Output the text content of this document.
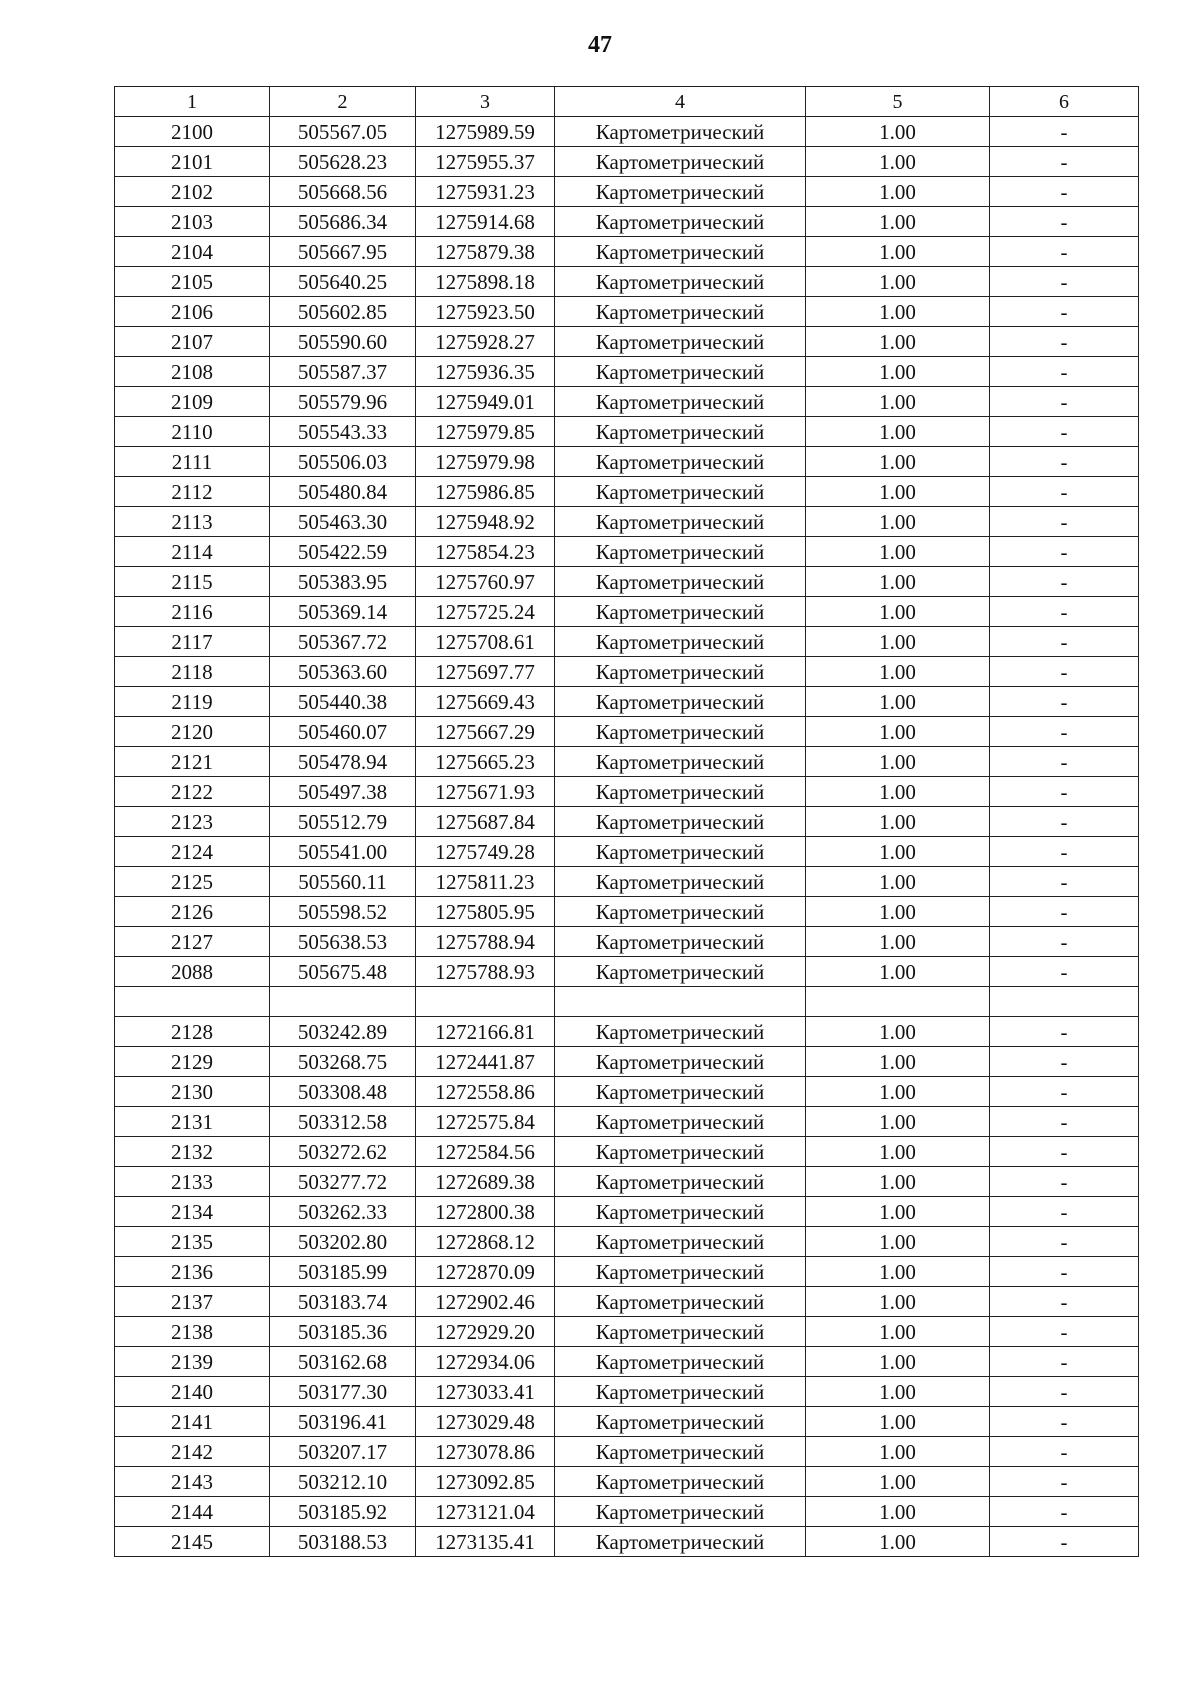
47
1	2	3	4	5	6
2100	505567.05	1275989.59	Картометрический	1.00	-
2101	505628.23	1275955.37	Картометрический	1.00	-
2102	505668.56	1275931.23	Картометрический	1.00	-
2103	505686.34	1275914.68	Картометрический	1.00	-
2104	505667.95	1275879.38	Картометрический	1.00	-
2105	505640.25	1275898.18	Картометрический	1.00	-
2106	505602.85	1275923.50	Картометрический	1.00	-
2107	505590.60	1275928.27	Картометрический	1.00	-
2108	505587.37	1275936.35	Картометрический	1.00	-
2109	505579.96	1275949.01	Картометрический	1.00	-
2110	505543.33	1275979.85	Картометрический	1.00	-
2111	505506.03	1275979.98	Картометрический	1.00	-
2112	505480.84	1275986.85	Картометрический	1.00	-
2113	505463.30	1275948.92	Картометрический	1.00	-
2114	505422.59	1275854.23	Картометрический	1.00	-
2115	505383.95	1275760.97	Картометрический	1.00	-
2116	505369.14	1275725.24	Картометрический	1.00	-
2117	505367.72	1275708.61	Картометрический	1.00	-
2118	505363.60	1275697.77	Картометрический	1.00	-
2119	505440.38	1275669.43	Картометрический	1.00	-
2120	505460.07	1275667.29	Картометрический	1.00	-
2121	505478.94	1275665.23	Картометрический	1.00	-
2122	505497.38	1275671.93	Картометрический	1.00	-
2123	505512.79	1275687.84	Картометрический	1.00	-
2124	505541.00	1275749.28	Картометрический	1.00	-
2125	505560.11	1275811.23	Картометрический	1.00	-
2126	505598.52	1275805.95	Картометрический	1.00	-
2127	505638.53	1275788.94	Картометрический	1.00	-
2088	505675.48	1275788.93	Картометрический	1.00	-

2128	503242.89	1272166.81	Картометрический	1.00	-
2129	503268.75	1272441.87	Картометрический	1.00	-
2130	503308.48	1272558.86	Картометрический	1.00	-
2131	503312.58	1272575.84	Картометрический	1.00	-
2132	503272.62	1272584.56	Картометрический	1.00	-
2133	503277.72	1272689.38	Картометрический	1.00	-
2134	503262.33	1272800.38	Картометрический	1.00	-
2135	503202.80	1272868.12	Картометрический	1.00	-
2136	503185.99	1272870.09	Картометрический	1.00	-
2137	503183.74	1272902.46	Картометрический	1.00	-
2138	503185.36	1272929.20	Картометрический	1.00	-
2139	503162.68	1272934.06	Картометрический	1.00	-
2140	503177.30	1273033.41	Картометрический	1.00	-
2141	503196.41	1273029.48	Картометрический	1.00	-
2142	503207.17	1273078.86	Картометрический	1.00	-
2143	503212.10	1273092.85	Картометрический	1.00	-
2144	503185.92	1273121.04	Картометрический	1.00	-
2145	503188.53	1273135.41	Картометрический	1.00	-
